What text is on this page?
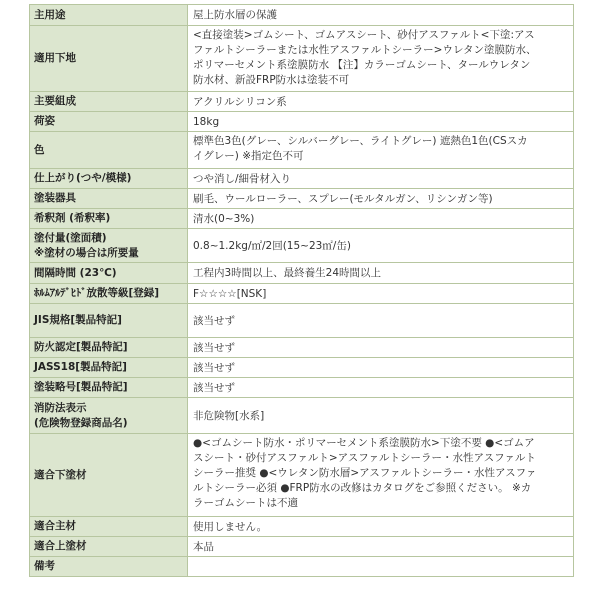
主用途	屋上防水層の保護

適用下地	<直接塗装>ゴムシート、ゴムアスシート、砂付アスファルト<下塗:アス
ファルトシーラーまたは水性アスファルトシーラー>ウレタン塗膜防水、
ポリマーセメント系塗膜防水 【注】カラーゴムシート、タールウレタン
防水材、新設FRP防水は塗装不可

主要組成	アクリルシリコン系

荷姿	18kg

色	標準色3色(グレー、シルバーグレー、ライトグレー) 遮熱色1色(CSスカ
イグレー) ※指定色不可

仕上がり(つや/模様)	つや消し/細骨材入り

塗装器具	刷毛、ウールローラー、スプレー(モルタルガン、リシンガン等)

希釈剤 (希釈率)	清水(0~3%)

塗付量(塗面積)
※塗材の場合は所要量	0.8~1.2kg/㎡/2回(15~23㎡/缶)

間隔時間 (23℃)	工程内3時間以上、最終養生24時間以上

ﾎﾙﾑｱﾙﾃﾞﾋﾄﾞ放散等級[登録]	F☆☆☆☆[NSK]

JIS規格[製品特記]	該当せず

防火認定[製品特記]	該当せず

JASS18[製品特記]	該当せず

塗装略号[製品特記]	該当せず

消防法表示
(危険物登録商品名)	非危険物[水系]

適合下塗材	●<ゴムシート防水・ポリマーセメント系塗膜防水>下塗不要 ●<ゴムア
スシート・砂付アスファルト>アスファルトシーラー・水性アスファルト
シーラー推奨 ●<ウレタン防水層>アスファルトシーラー・水性アスファ
ルトシーラー必須 ●FRP防水の改修はカタログをご参照ください。 ※カ
ラーゴムシートは不適

適合主材	使用しません。

適合上塗材	本品

備考	
